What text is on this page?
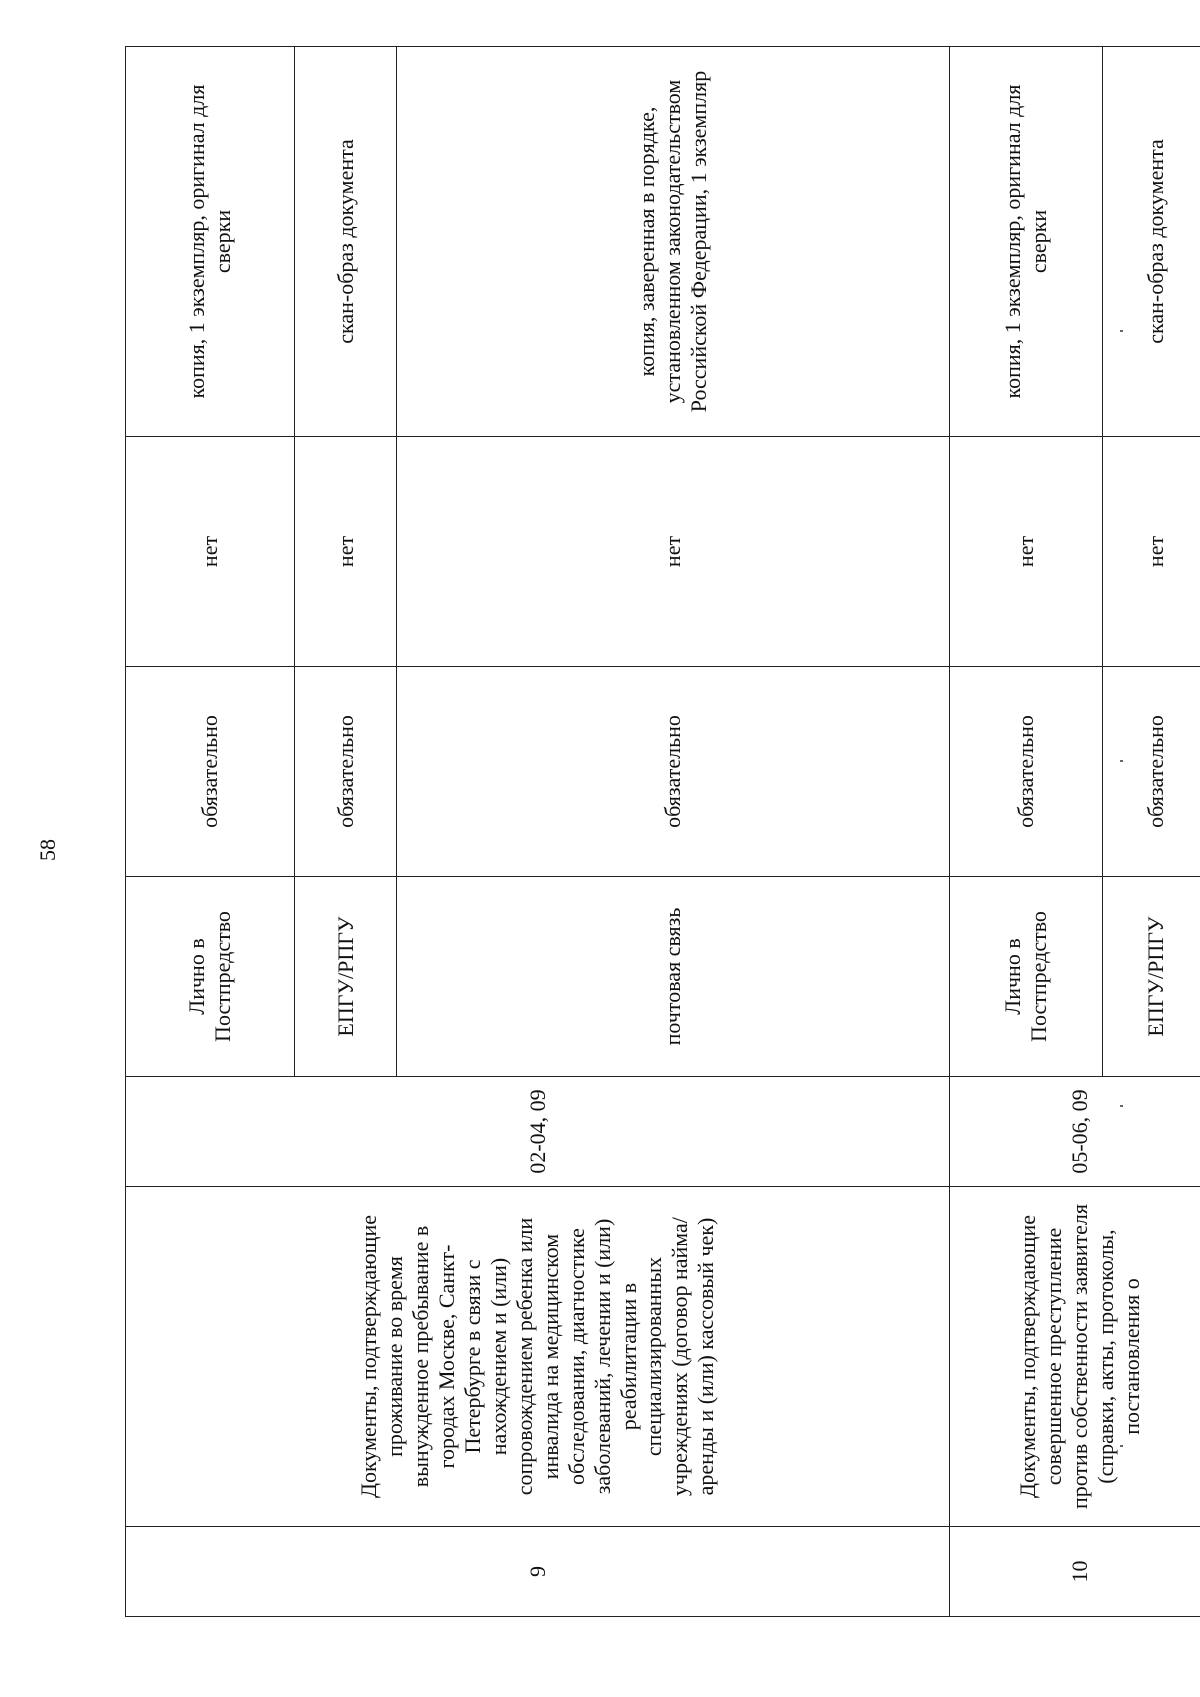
58
9	Документы, подтверждающие проживание во время вынужденное пребывание в городах Москве, Санкт-Петербурге в связи с нахождением и (или) сопровождением ребенка или инвалида на медицинском обследовании, диагностике заболеваний, лечении и (или) реабилитации в специализированных учреждениях (договор найма/аренды и (или) кассовый чек)	02-04, 09	Лично в Постпредство	обязательно	нет	копия, 1 экземпляр, оригинал для сверки
			ЕПГУ/РПГУ	обязательно	нет	скан-образ документа
			почтовая связь	обязательно	нет	копия, заверенная в порядке, установленном законодательством Российской Федерации, 1 экземпляр
10	Документы, подтверждающие совершенное преступление против собственности заявителя (справки, акты, протоколы, постановления о	05-06, 09	Лично в Постпредство	обязательно	нет	копия, 1 экземпляр, оригинал для сверки
			ЕПГУ/РПГУ	обязательно	нет	скан-образ документа
